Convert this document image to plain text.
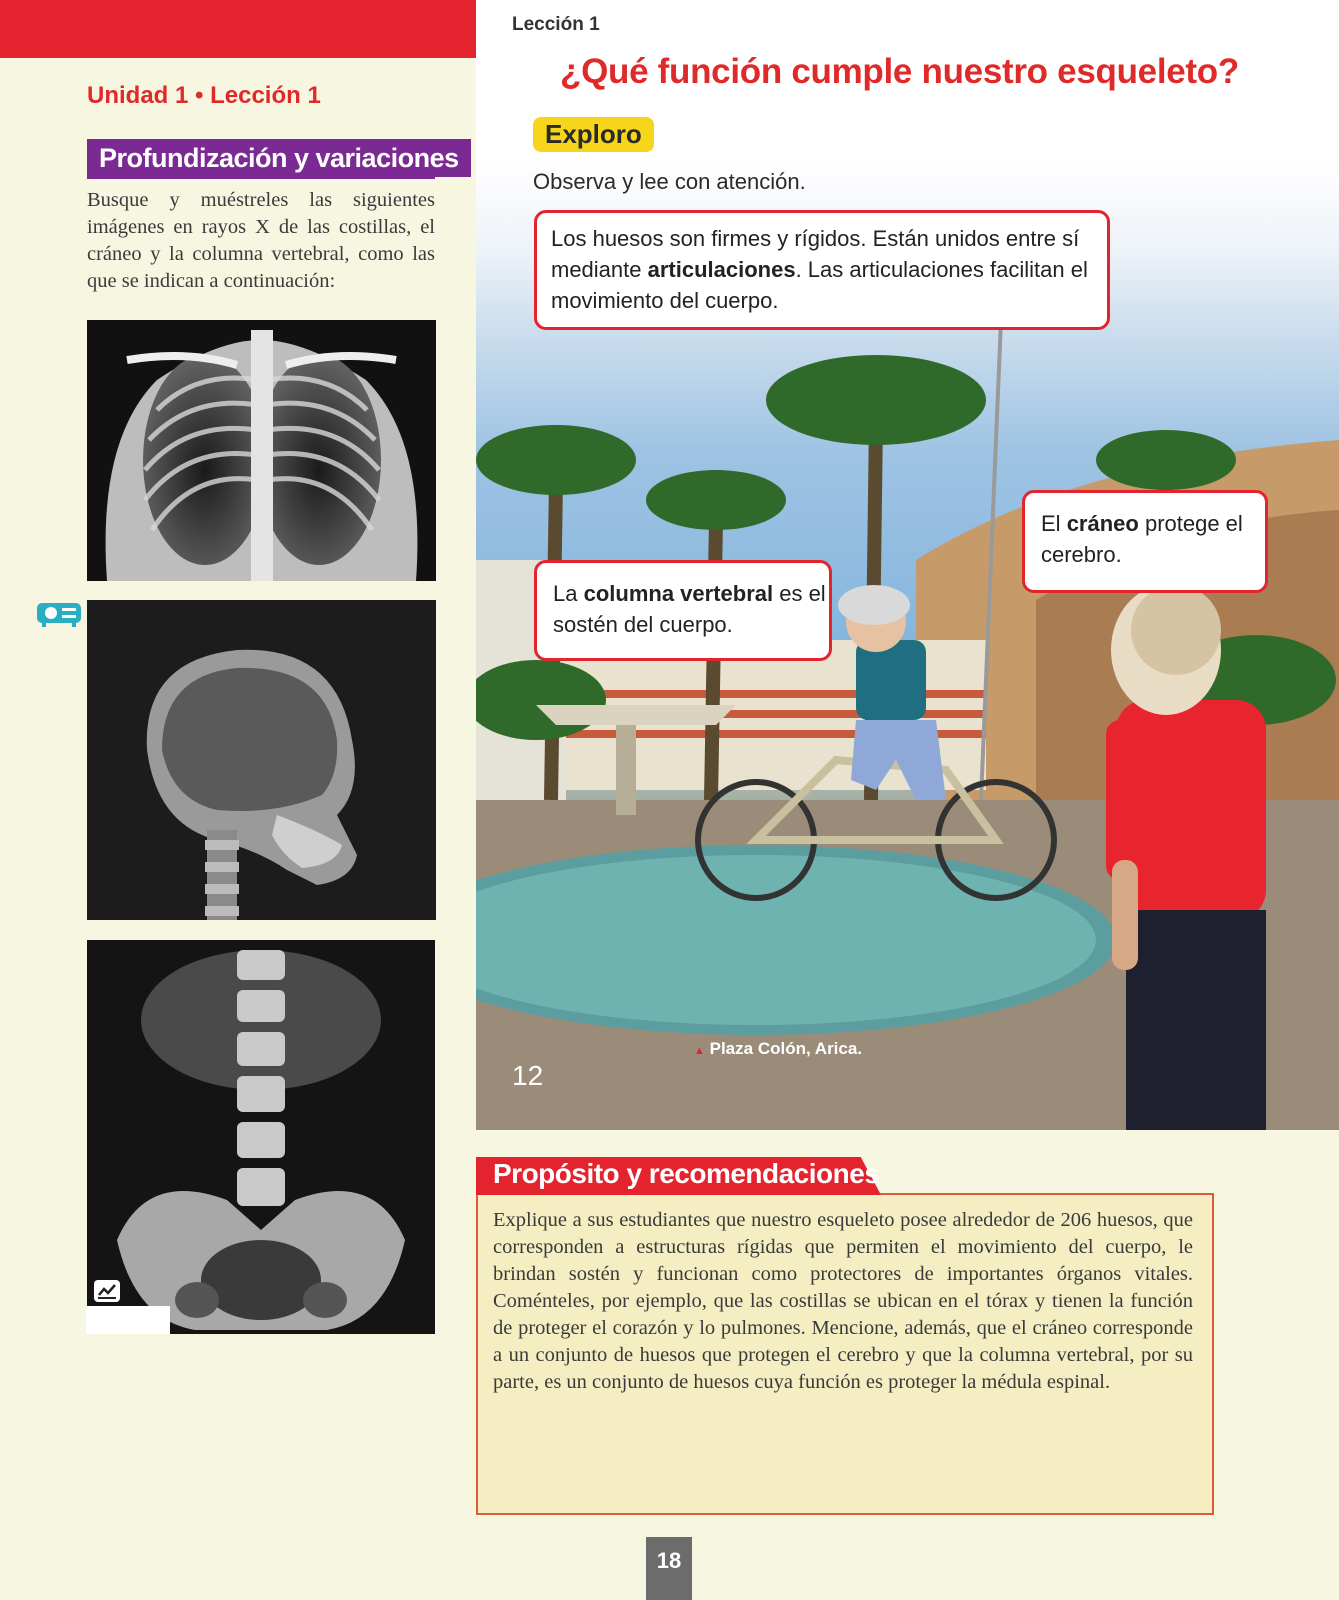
Unidad 1 • Lección 1
Profundización y variaciones
Busque y muéstreles las siguientes imágenes en rayos X de las costillas, el cráneo y la columna vertebral, como las que se indican a continuación:
Lección 1
¿Qué función cumple nuestro esqueleto?
Exploro
Observa y lee con atención.
Los huesos son firmes y rígidos. Están unidos entre sí mediante articulaciones. Las articulaciones facilitan el movimiento del cuerpo.
La columna vertebral es el sostén del cuerpo.
El cráneo protege el cerebro.
▲ Plaza Colón, Arica.
12
Propósito y recomendaciones
Explique a sus estudiantes que nuestro esqueleto posee alrededor de 206 huesos, que corresponden a estructuras rígidas que permiten el movimiento del cuerpo, le brindan sostén y funcionan como protectores de importantes órganos vitales. Coménteles, por ejemplo, que las costillas se ubican en el tórax y tienen la función de proteger el corazón y lo pulmones. Mencione, además, que el cráneo corresponde a un conjunto de huesos que protegen el cerebro y que la columna vertebral, por su parte, es un conjunto de huesos cuya función es proteger la médula espinal.
18
